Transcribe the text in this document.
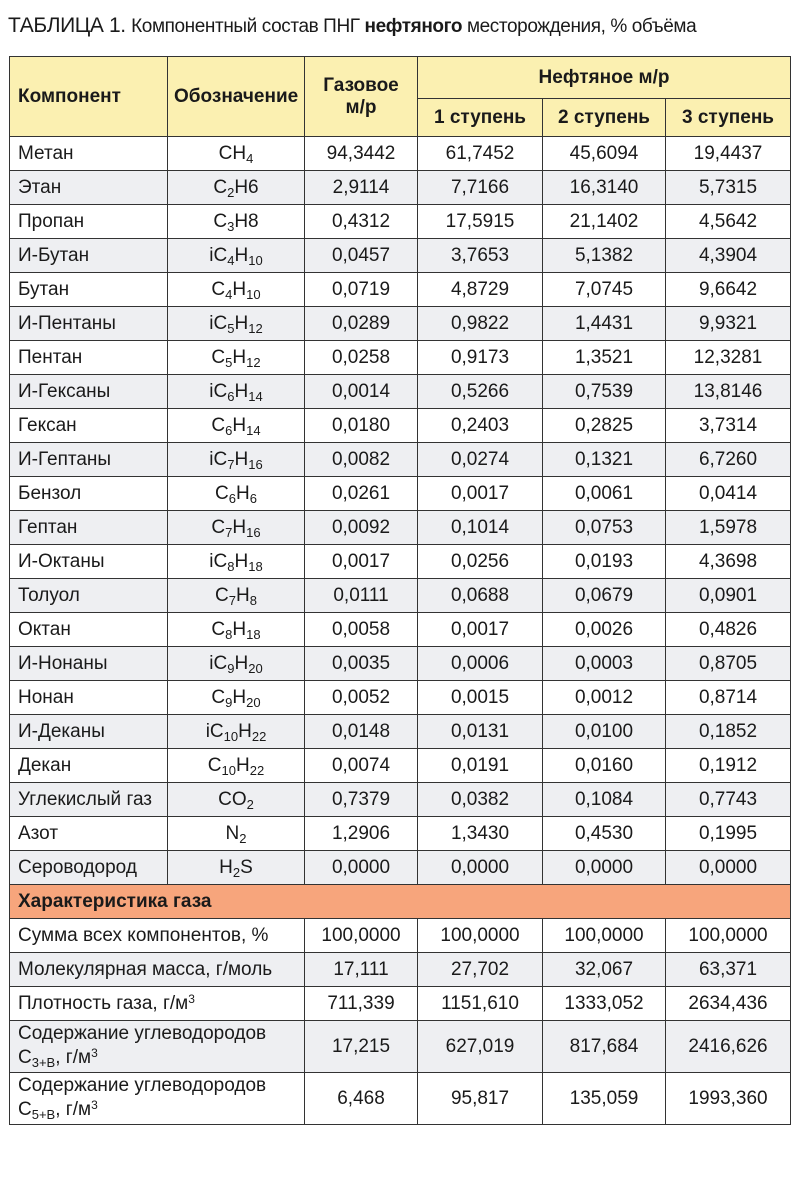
ТАБЛИЦА 1. Компонентный состав ПНГ нефтяного месторождения, % объёма
Компонент	Обозначение	Газовое м/р	Нефтяное м/р		
			1 ступень	2 ступень	3 ступень
Метан	$CH_4$	94,3442	61,7452	45,6094	19,4437
Этан	$C_2H6$	2,9114	7,7166	16,3140	5,7315
Пропан	$C_3H8$	0,4312	17,5915	21,1402	4,5642
И-Бутан	$iC_4H_{10}$	0,0457	3,7653	5,1382	4,3904
Бутан	$C_4H_{10}$	0,0719	4,8729	7,0745	9,6642
И-Пентаны	$iC_5H_{12}$	0,0289	0,9822	1,4431	9,9321
Пентан	$C_5H_{12}$	0,0258	0,9173	1,3521	12,3281
И-Гексаны	$iC_6H_{14}$	0,0014	0,5266	0,7539	13,8146
Гексан	$C_6H_{14}$	0,0180	0,2403	0,2825	3,7314
И-Гептаны	$iC_7H_{16}$	0,0082	0,0274	0,1321	6,7260
Бензол	$C_6H_6$	0,0261	0,0017	0,0061	0,0414
Гептан	$C_7H_{16}$	0,0092	0,1014	0,0753	1,5978
И-Октаны	$iC_8H_{18}$	0,0017	0,0256	0,0193	4,3698
Толуол	$C_7H_8$	0,0111	0,0688	0,0679	0,0901
Октан	$C_8H_{18}$	0,0058	0,0017	0,0026	0,4826
И-Нонаны	$iC_9H_{20}$	0,0035	0,0006	0,0003	0,8705
Нонан	$C_9H_{20}$	0,0052	0,0015	0,0012	0,8714
И-Деканы	$iC_{10}H_{22}$	0,0148	0,0131	0,0100	0,1852
Декан	$C_{10}H_{22}$	0,0074	0,0191	0,0160	0,1912
Углекислый газ	$CO_2$	0,7379	0,0382	0,1084	0,7743
Азот	$N_2$	1,2906	1,3430	0,4530	0,1995
Сероводород	$H_2S$	0,0000	0,0000	0,0000	0,0000
Характеристика газа					
Сумма всех компонентов, %		100,0000	100,0000	100,0000	100,0000
Молекулярная масса, г/моль		17,111	27,702	32,067	63,371
Плотность газа, $г/м^3$		711,339	1151,610	1333,052	2634,436
Содержание углеводородов $C_{3+В}$, $г/м^3$		17,215	627,019	817,684	2416,626
Содержание углеводородов $C_{5+В}$, $г/м^3$		6,468	95,817	135,059	1993,360
